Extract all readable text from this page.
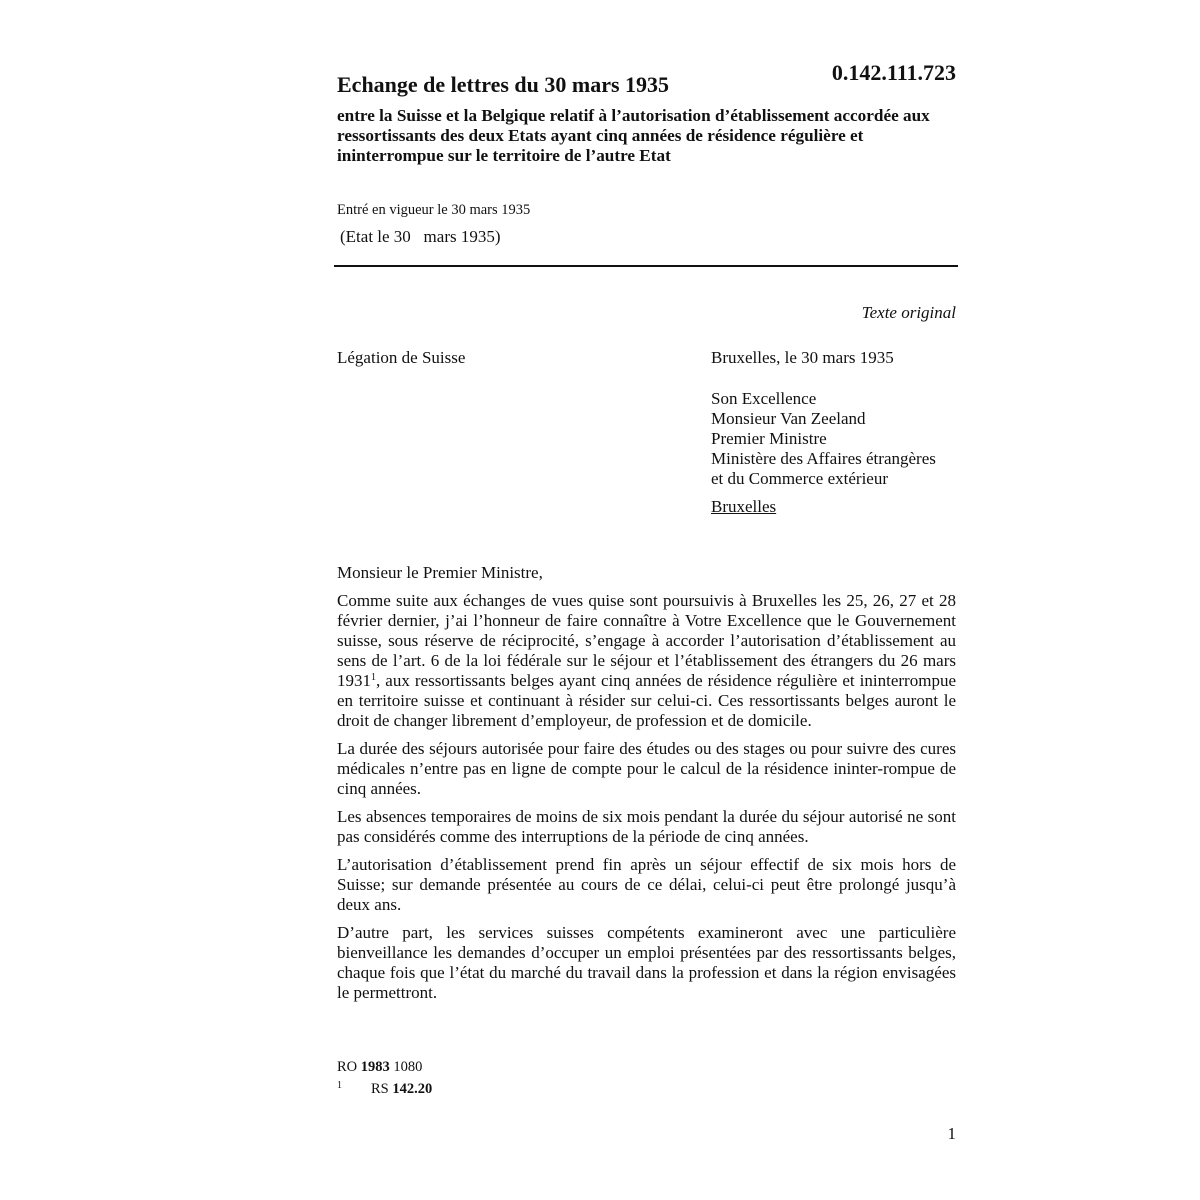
0.142.111.723
Echange de lettres du 30 mars 1935
entre la Suisse et la Belgique relatif à l’autorisation d’établissement accordée aux ressortissants des deux Etats ayant cinq années de résidence régulière et ininterrompue sur le territoire de l’autre Etat
Entré en vigueur le 30 mars 1935
(Etat le 30   mars 1935)
Texte original
Légation de Suisse	Bruxelles, le 30 mars 1935
Son Excellence
Monsieur Van Zeeland
Premier Ministre
Ministère des Affaires étrangères
et du Commerce extérieur
Bruxelles
Monsieur le Premier Ministre,

Comme suite aux échanges de vues quise sont poursuivis à Bruxelles les 25, 26, 27 et 28 février dernier, j’ai l’honneur de faire connaître à Votre Excellence que le Gouvernement suisse, sous réserve de réciprocité, s’engage à accorder l’autorisation d’établissement au sens de l’art. 6 de la loi fédérale sur le séjour et l’établissement des étrangers du 26 mars 1931$^1$, aux ressortissants belges ayant cinq années de résidence régulière et ininterrompue en territoire suisse et continuant à résider sur celui-ci. Ces ressortissants belges auront le droit de changer librement d’employeur, de profession et de domicile.

La durée des séjours autorisée pour faire des études ou des stages ou pour suivre des cures médicales n’entre pas en ligne de compte pour le calcul de la résidence ininter-rompue de cinq années.

Les absences temporaires de moins de six mois pendant la durée du séjour autorisé ne sont pas considérés comme des interruptions de la période de cinq années.

L’autorisation d’établissement prend fin après un séjour effectif de six mois hors de Suisse; sur demande présentée au cours de ce délai, celui-ci peut être prolongé jusqu’à deux ans.

D’autre part, les services suisses compétents examineront avec une particulière bienveillance les demandes d’occuper un emploi présentées par des ressortissants belges, chaque fois que l’état du marché du travail dans la profession et dans la région envisagées le permettront.

RO 1983 1080
1 RS 142.20
1
